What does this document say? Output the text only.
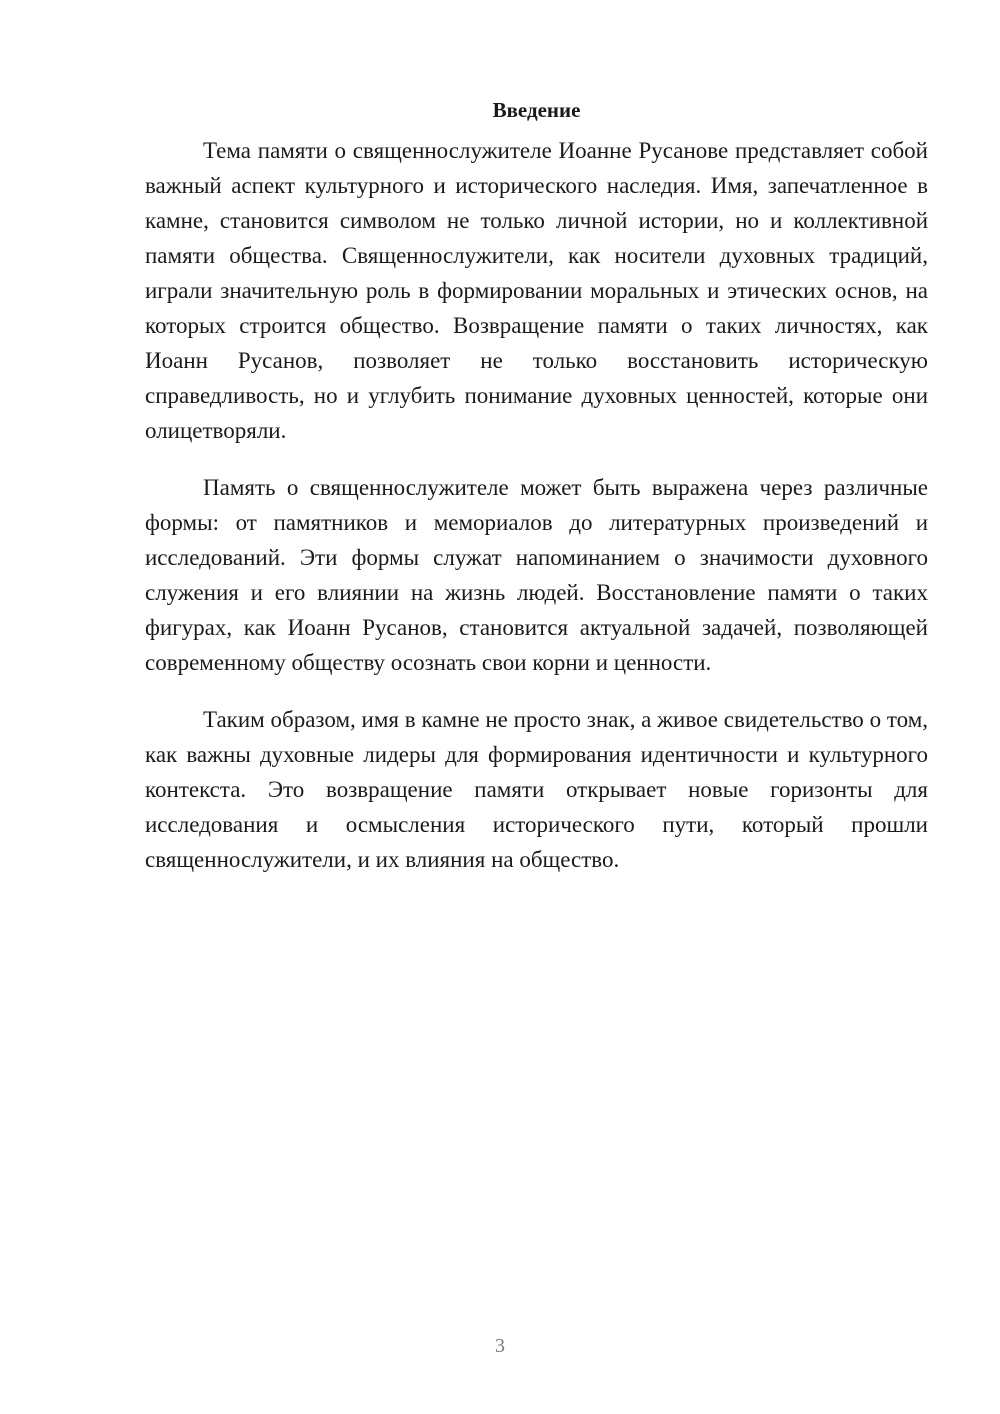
Введение

Тема памяти о священнослужителе Иоанне Русанове представляет собой важный аспект культурного и исторического наследия. Имя, запечатленное в камне, становится символом не только личной истории, но и коллективной памяти общества. Священнослужители, как носители духовных традиций, играли значительную роль в формировании моральных и этических основ, на которых строится общество. Возвращение памяти о таких личностях, как Иоанн Русанов, позволяет не только восстановить историческую справедливость, но и углубить понимание духовных ценностей, которые они олицетворяли.

Память о священнослужителе может быть выражена через различные формы: от памятников и мемориалов до литературных произведений и исследований. Эти формы служат напоминанием о значимости духовного служения и его влиянии на жизнь людей. Восстановление памяти о таких фигурах, как Иоанн Русанов, становится актуальной задачей, позволяющей современному обществу осознать свои корни и ценности.

Таким образом, имя в камне не просто знак, а живое свидетельство о том, как важны духовные лидеры для формирования идентичности и культурного контекста. Это возвращение памяти открывает новые горизонты для исследования и осмысления исторического пути, который прошли священнослужители, и их влияния на общество.

3
